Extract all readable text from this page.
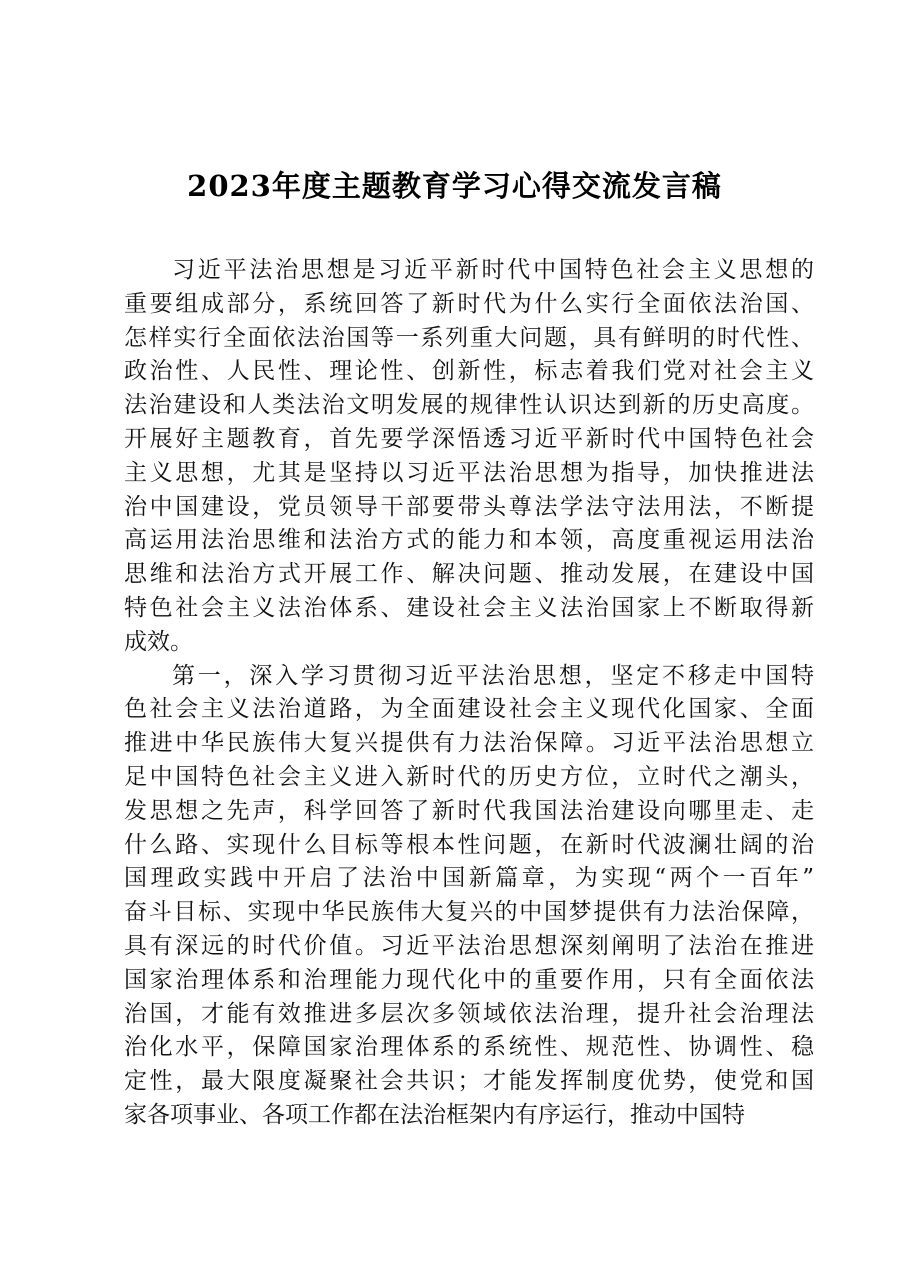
2023年度主题教育学习心得交流发言稿
习近平法治思想是习近平新时代中国特色社会主义思想的
重要组成部分，系统回答了新时代为什么实行全面依法治国、
怎样实行全面依法治国等一系列重大问题，具有鲜明的时代性、
政治性、人民性、理论性、创新性，标志着我们党对社会主义
法治建设和人类法治文明发展的规律性认识达到新的历史高度。
开展好主题教育，首先要学深悟透习近平新时代中国特色社会
主义思想，尤其是坚持以习近平法治思想为指导，加快推进法
治中国建设，党员领导干部要带头尊法学法守法用法，不断提
高运用法治思维和法治方式的能力和本领，高度重视运用法治
思维和法治方式开展工作、解决问题、推动发展，在建设中国
特色社会主义法治体系、建设社会主义法治国家上不断取得新
成效。
第一，深入学习贯彻习近平法治思想，坚定不移走中国特
色社会主义法治道路，为全面建设社会主义现代化国家、全面
推进中华民族伟大复兴提供有力法治保障。习近平法治思想立
足中国特色社会主义进入新时代的历史方位，立时代之潮头，
发思想之先声，科学回答了新时代我国法治建设向哪里走、走
什么路、实现什么目标等根本性问题，在新时代波澜壮阔的治
国理政实践中开启了法治中国新篇章，为实现“两个一百年”
奋斗目标、实现中华民族伟大复兴的中国梦提供有力法治保障，
具有深远的时代价值。习近平法治思想深刻阐明了法治在推进
国家治理体系和治理能力现代化中的重要作用，只有全面依法
治国，才能有效推进多层次多领域依法治理，提升社会治理法
治化水平，保障国家治理体系的系统性、规范性、协调性、稳
定性，最大限度凝聚社会共识；才能发挥制度优势，使党和国
家各项事业、各项工作都在法治框架内有序运行，推动中国特
